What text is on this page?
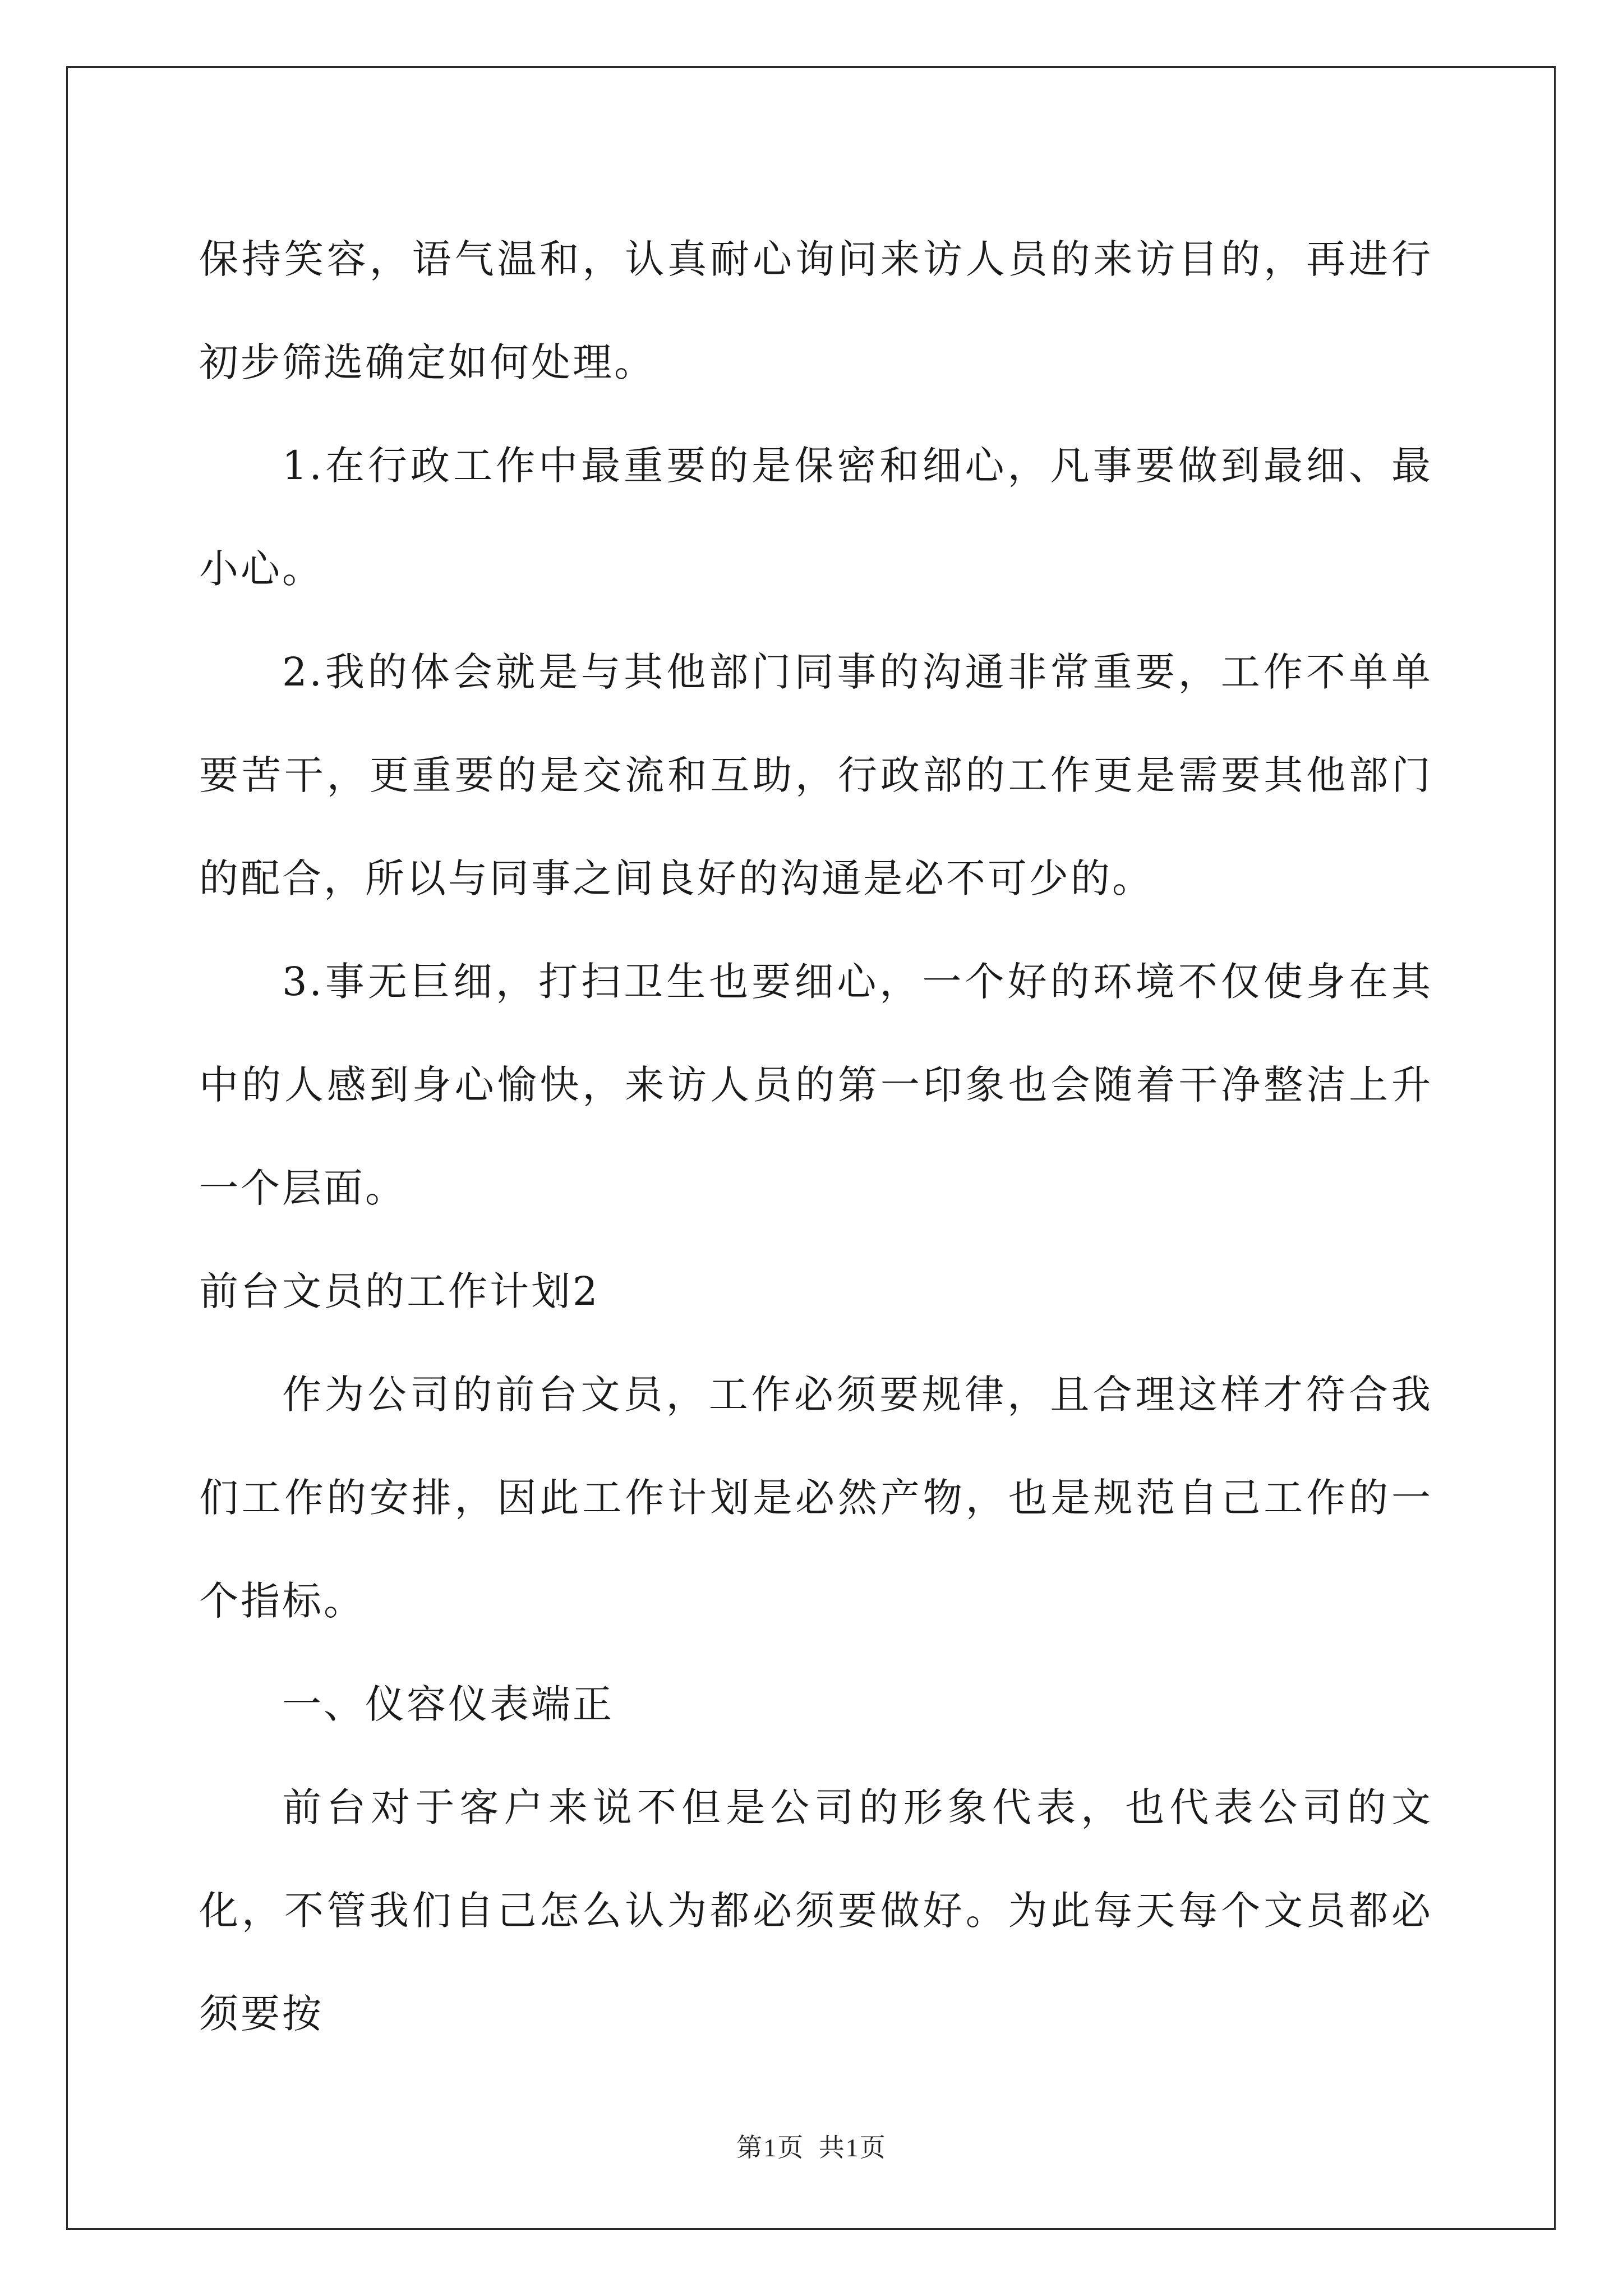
保持笑容，语气温和，认真耐心询问来访人员的来访目的，再进行初步筛选确定如何处理。

1.在行政工作中最重要的是保密和细心，凡事要做到最细、最小心。

2.我的体会就是与其他部门同事的沟通非常重要，工作不单单要苦干，更重要的是交流和互助，行政部的工作更是需要其他部门的配合，所以与同事之间良好的沟通是必不可少的。

3.事无巨细，打扫卫生也要细心，一个好的环境不仅使身在其中的人感到身心愉快，来访人员的第一印象也会随着干净整洁上升一个层面。

前台文员的工作计划2

作为公司的前台文员，工作必须要规律，且合理这样才符合我们工作的安排，因此工作计划是必然产物，也是规范自己工作的一个指标。

一、仪容仪表端正

前台对于客户来说不但是公司的形象代表，也代表公司的文化，不管我们自己怎么认为都必须要做好。为此每天每个文员都必须要按

第1页 共1页
